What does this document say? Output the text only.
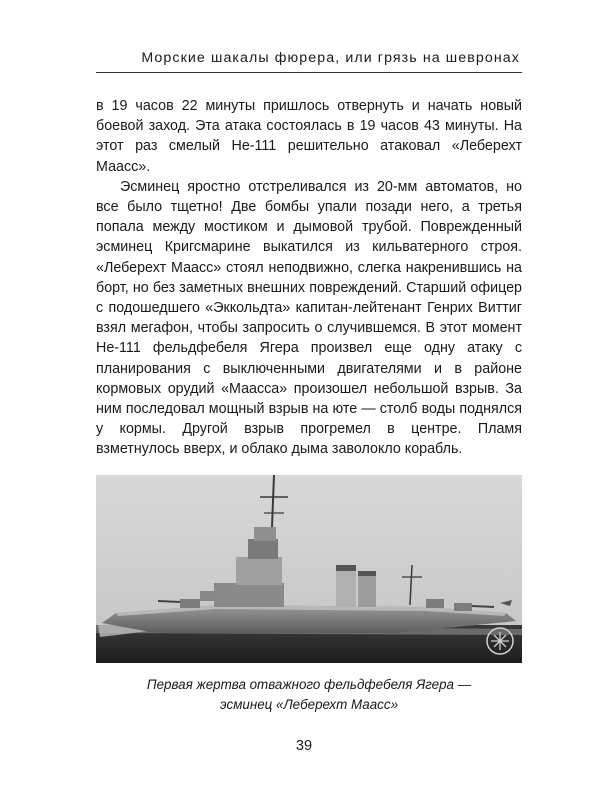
Морские шакалы фюрера, или грязь на шевронах

в 19 часов 22 минуты пришлось отвернуть и начать новый боевой заход. Эта атака состоялась в 19 часов 43 минуты. На этот раз смелый Не-111 решительно атаковал «Леберехт Маасс».

Эсминец яростно отстреливался из 20-мм автоматов, но все было тщетно! Две бомбы упали позади него, а третья попала между мостиком и дымовой трубой. Поврежденный эсминец Кригсмарине выкатился из кильватерного строя. «Леберехт Маасс» стоял неподвижно, слегка накренившись на борт, но без заметных внешних повреждений. Старший офицер с подошедшего «Эккольдта» капитан-лейтенант Генрих Виттиг взял мегафон, чтобы запросить о случившемся. В этот момент Не-111 фельдфебеля Ягера произвел еще одну атаку с планирования с выключенными двигателями и в районе кормовых орудий «Маасса» произошел небольшой взрыв. За ним последовал мощный взрыв на юте — столб воды поднялся у кормы. Другой взрыв прогремел в центре. Пламя взметнулось вверх, и облако дыма заволокло корабль.

Первая жертва отважного фельдфебеля Ягера —
эсминец «Леберехт Маасс»
39
